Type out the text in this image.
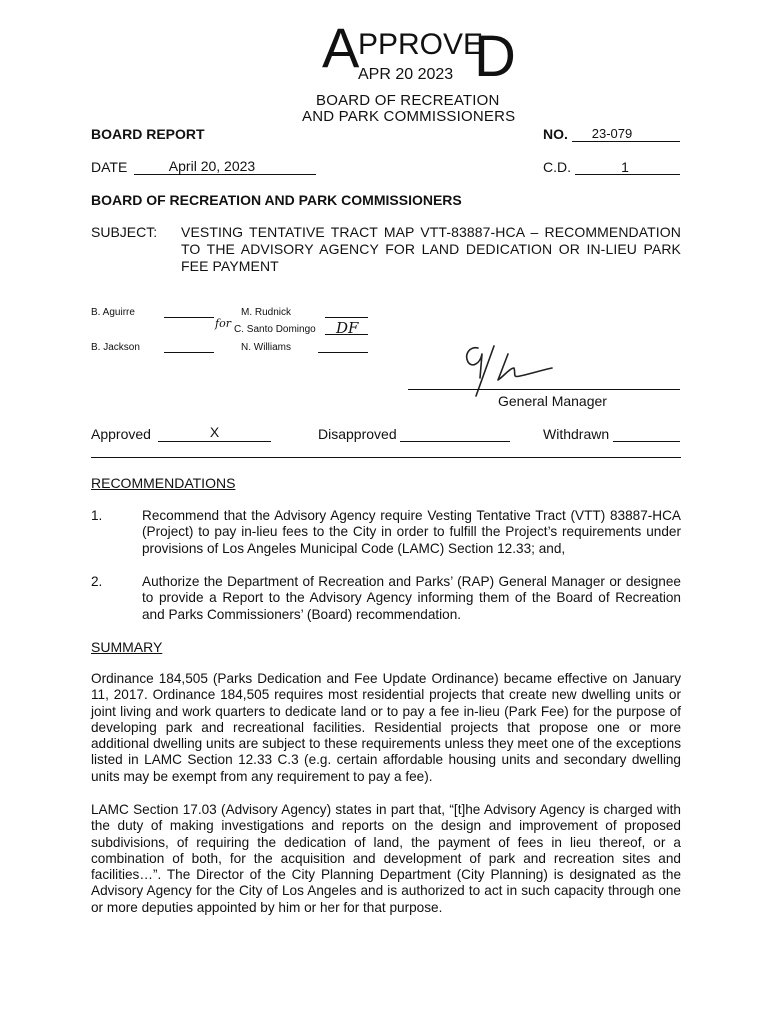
A PPROVE
D
APR 20 2023
BOARD OF RECREATION
AND PARK COMMISSIONERS
BOARD REPORT	NO.	23-079
DATE	April 20, 2023	C.D.	1
BOARD OF RECREATION AND PARK COMMISSIONERS
SUBJECT: VESTING TENTATIVE TRACT MAP VTT-83887-HCA – RECOMMENDATION TO THE ADVISORY AGENCY FOR LAND DEDICATION OR IN-LIEU PARK FEE PAYMENT
B. Aguirre	M. Rudnick
for C. Santo Domingo DF
B. Jackson	N. Williams
General Manager
Approved	X	Disapproved	Withdrawn
RECOMMENDATIONS
1.	Recommend that the Advisory Agency require Vesting Tentative Tract (VTT) 83887-HCA (Project) to pay in-lieu fees to the City in order to fulfill the Project’s requirements under provisions of Los Angeles Municipal Code (LAMC) Section 12.33; and,
2.	Authorize the Department of Recreation and Parks’ (RAP) General Manager or designee to provide a Report to the Advisory Agency informing them of the Board of Recreation and Parks Commissioners’ (Board) recommendation.
SUMMARY
Ordinance 184,505 (Parks Dedication and Fee Update Ordinance) became effective on January 11, 2017. Ordinance 184,505 requires most residential projects that create new dwelling units or joint living and work quarters to dedicate land or to pay a fee in-lieu (Park Fee) for the purpose of developing park and recreational facilities. Residential projects that propose one or more additional dwelling units are subject to these requirements unless they meet one of the exceptions listed in LAMC Section 12.33 C.3 (e.g. certain affordable housing units and secondary dwelling units may be exempt from any requirement to pay a fee).
LAMC Section 17.03 (Advisory Agency) states in part that, “[t]he Advisory Agency is charged with the duty of making investigations and reports on the design and improvement of proposed subdivisions, of requiring the dedication of land, the payment of fees in lieu thereof, or a combination of both, for the acquisition and development of park and recreation sites and facilities…”. The Director of the City Planning Department (City Planning) is designated as the Advisory Agency for the City of Los Angeles and is authorized to act in such capacity through one or more deputies appointed by him or her for that purpose.
